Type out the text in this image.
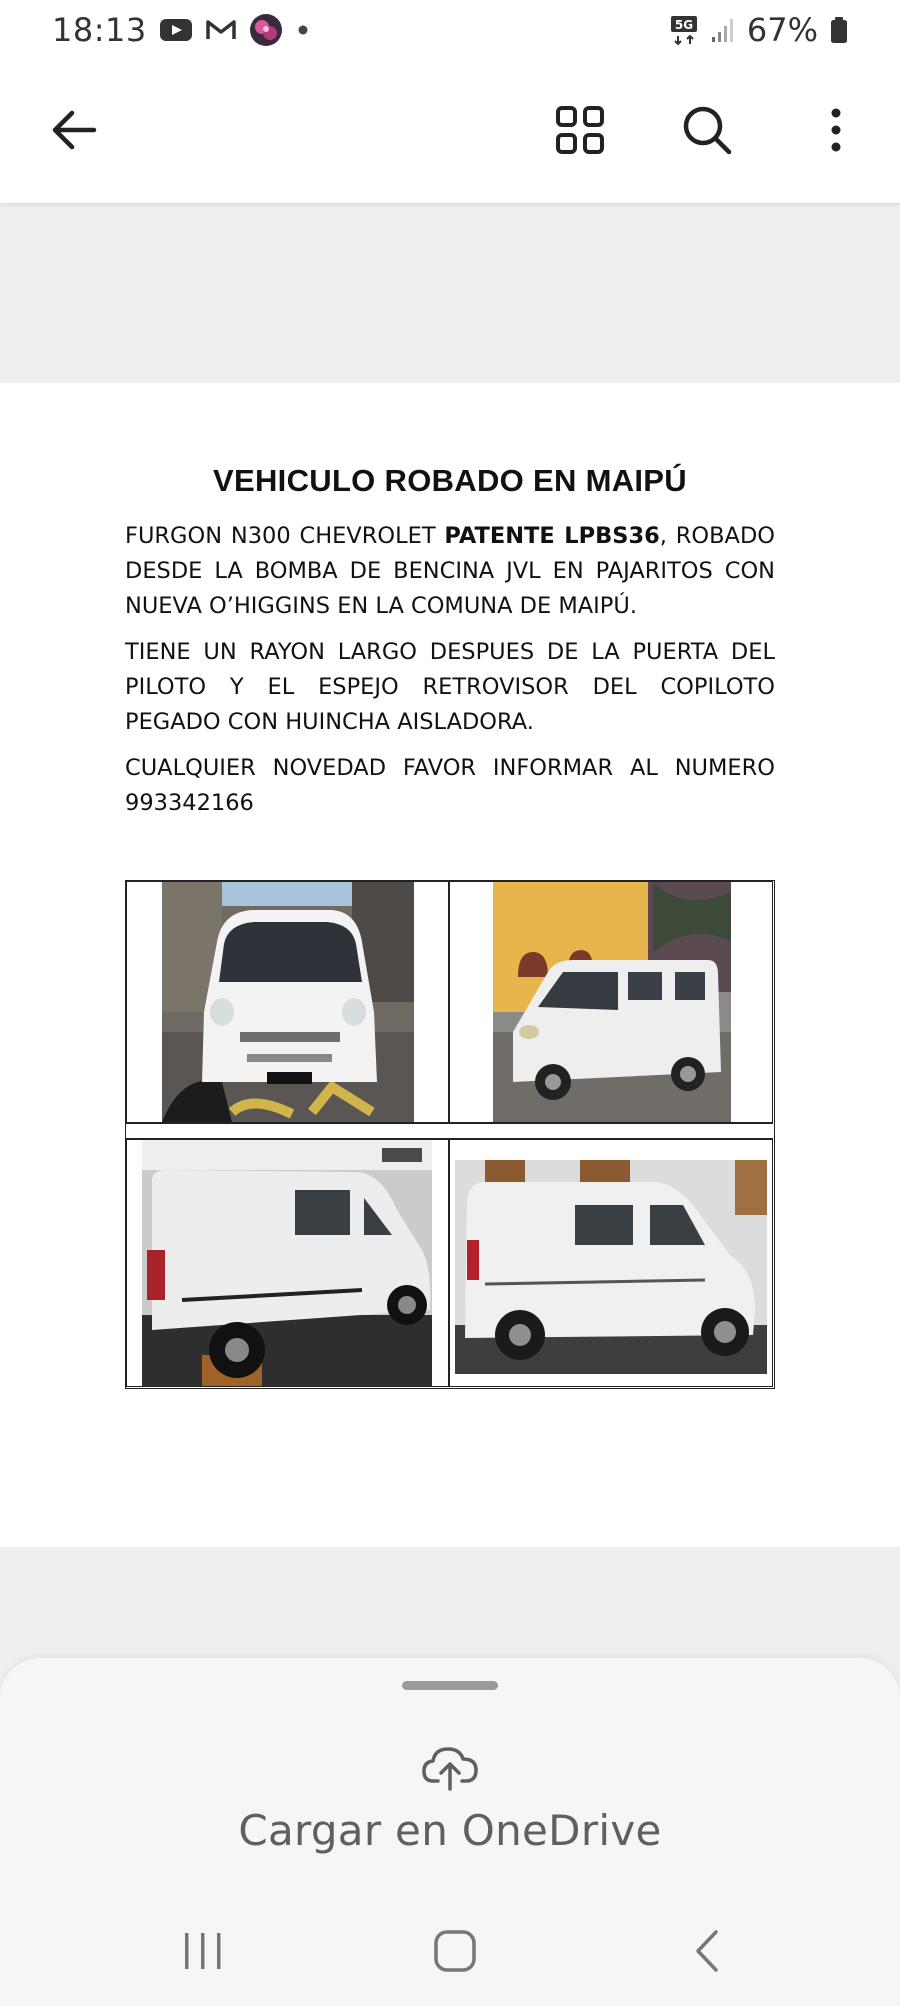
18:13	5G 67%
VEHICULO ROBADO EN MAIPÚ

FURGON N300 CHEVROLET PATENTE LPBS36, ROBADO DESDE LA BOMBA DE BENCINA JVL EN PAJARITOS CON NUEVA O’HIGGINS EN LA COMUNA DE MAIPÚ.

TIENE UN RAYON LARGO DESPUES DE LA PUERTA DEL PILOTO Y EL ESPEJO RETROVISOR DEL COPILOTO PEGADO CON HUINCHA AISLADORA.

CUALQUIER NOVEDAD FAVOR INFORMAR AL NUMERO 993342166

Cargar en OneDrive
